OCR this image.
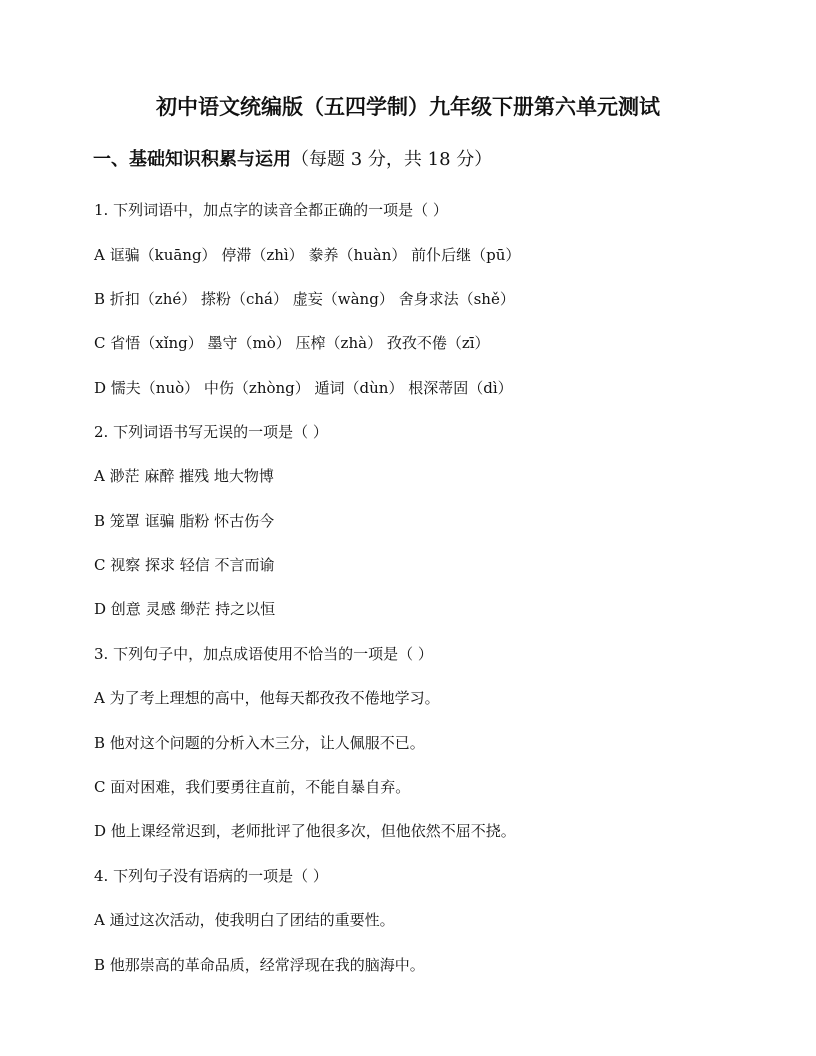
初中语文统编版（五四学制）九年级下册第六单元测试
一、基础知识积累与运用（每题 3 分，共 18 分）

1. 下列词语中，加点字的读音全都正确的一项是（ ）

A 诓骗（kuāng） 停滞（zhì） 豢养（huàn） 前仆后继（pū）

B 折扣（zhé） 搽粉（chá） 虚妄（wàng） 舍身求法（shě）

C 省悟（xǐng） 墨守（mò） 压榨（zhà） 孜孜不倦（zī）

D 懦夫（nuò） 中伤（zhòng） 遁词（dùn） 根深蒂固（dì）

2. 下列词语书写无误的一项是（ ）

A 渺茫 麻醉 摧残 地大物博

B 笼罩 诓骗 脂粉 怀古伤今

C 视察 探求 轻信 不言而谕

D 创意 灵感 缈茫 持之以恒

3. 下列句子中，加点成语使用不恰当的一项是（ ）

A 为了考上理想的高中，他每天都孜孜不倦地学习。

B 他对这个问题的分析入木三分，让人佩服不已。

C 面对困难，我们要勇往直前，不能自暴自弃。

D 他上课经常迟到，老师批评了他很多次，但他依然不屈不挠。

4. 下列句子没有语病的一项是（ ）

A 通过这次活动，使我明白了团结的重要性。

B 他那崇高的革命品质，经常浮现在我的脑海中。
